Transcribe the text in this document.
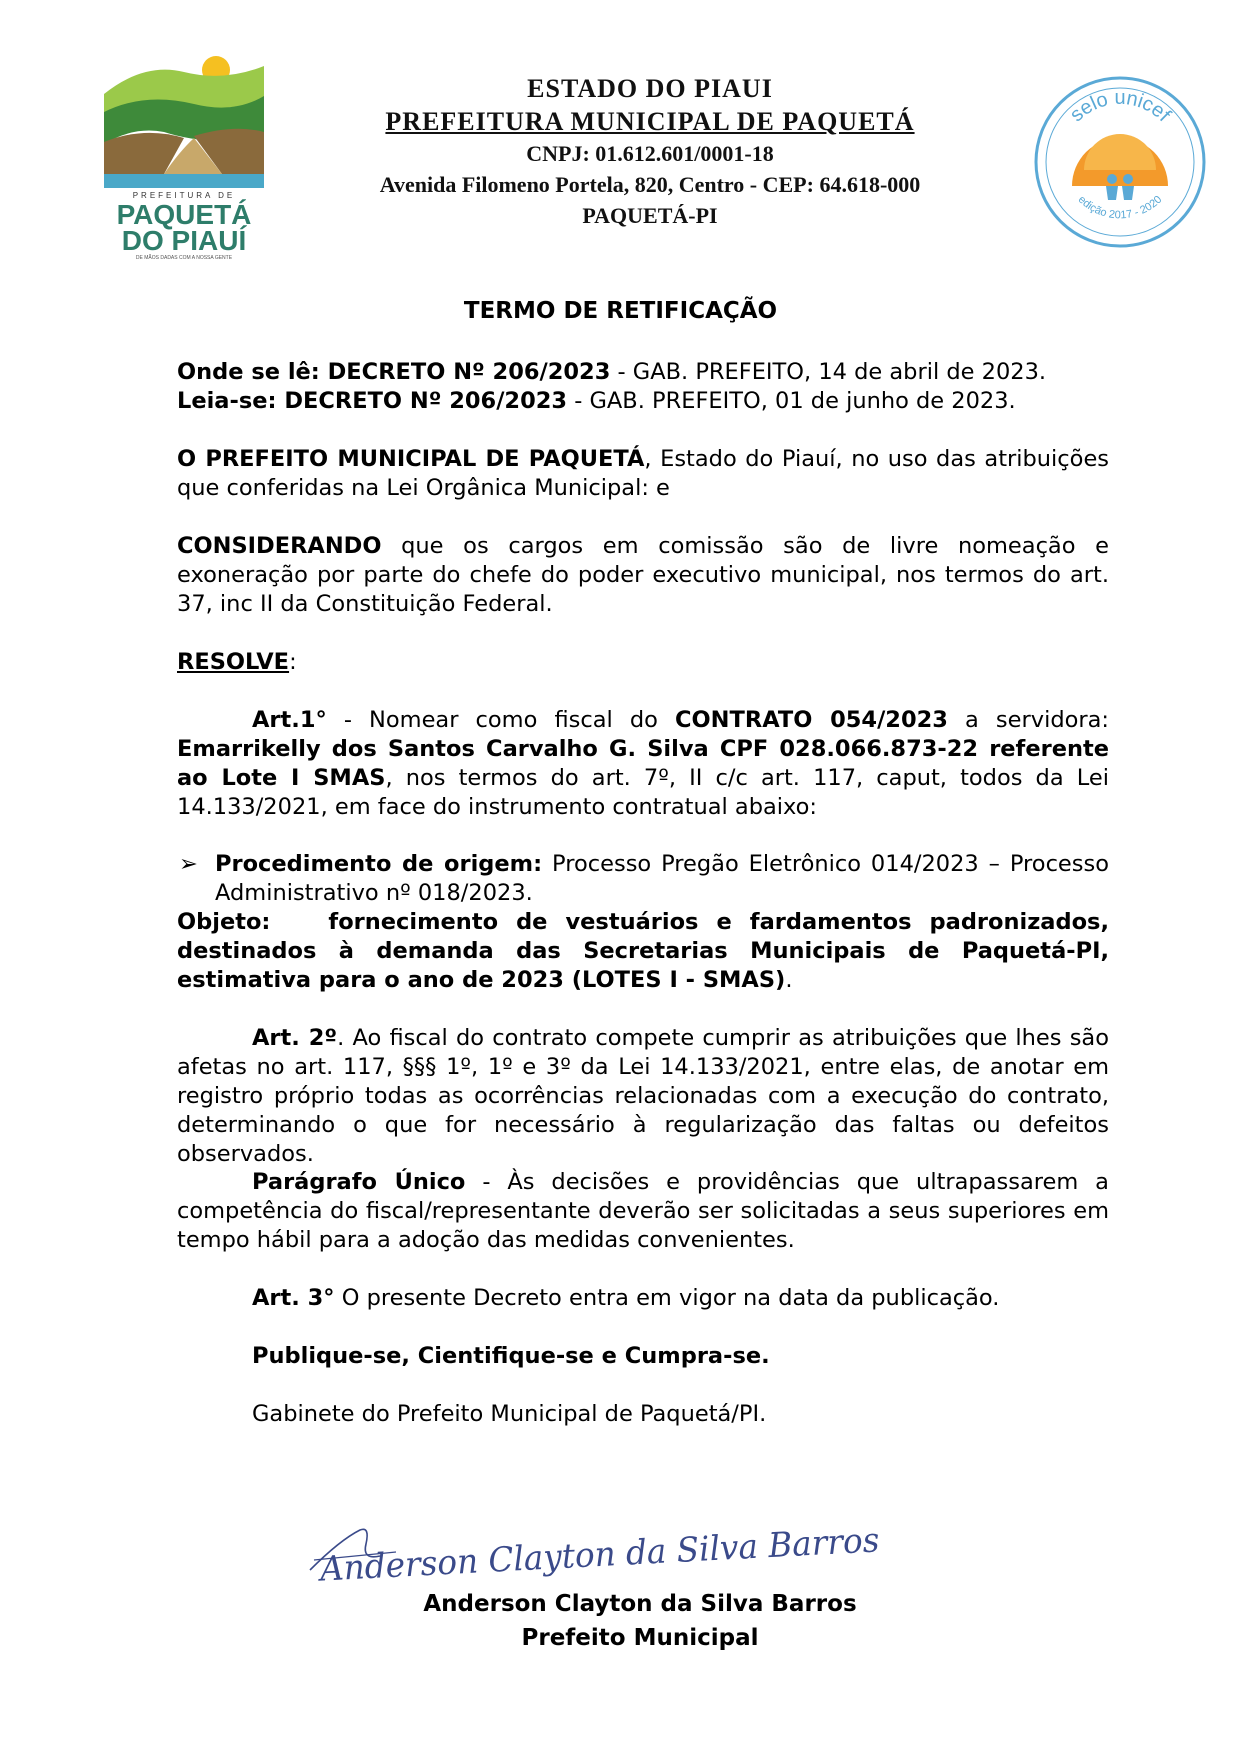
PREFEITURA DE
PAQUETÁ
DO PIAUÍ
DE MÃOS DADAS COM A NOSSA GENTE
ESTADO DO PIAUI
PREFEITURA MUNICIPAL DE PAQUETÁ
CNPJ: 01.612.601/0001-18
Avenida Filomeno Portela, 820, Centro - CEP: 64.618-000
PAQUETÁ-PI
selo unicef
edição 2017 - 2020
TERMO DE RETIFICAÇÃO

Onde se lê: DECRETO Nº 206/2023 - GAB. PREFEITO, 14 de abril de 2023.

Leia-se: DECRETO Nº 206/2023 - GAB. PREFEITO, 01 de junho de 2023.

O PREFEITO MUNICIPAL DE PAQUETÁ, Estado do Piauí, no uso das atribuições que conferidas na Lei Orgânica Municipal: e

CONSIDERANDO que os cargos em comissão são de livre nomeação e exoneração por parte do chefe do poder executivo municipal, nos termos do art. 37, inc II da Constituição Federal.

RESOLVE:

Art.1° - Nomear como fiscal do CONTRATO 054/2023 a servidora: Emarrikelly dos Santos Carvalho G. Silva CPF 028.066.873-22 referente ao Lote I SMAS, nos termos do art. 7º, II c/c art. 117, caput, todos da Lei 14.133/2021, em face do instrumento contratual abaixo:

➢ Procedimento de origem: Processo Pregão Eletrônico 014/2023 – Processo Administrativo nº 018/2023.

Objeto:	fornecimento de vestuários e fardamentos padronizados, destinados à demanda das Secretarias Municipais de Paquetá-PI, estimativa para o ano de 2023 (LOTES I - SMAS).

Art. 2º. Ao fiscal do contrato compete cumprir as atribuições que lhes são afetas no art. 117, §§§ 1º, 1º e 3º da Lei 14.133/2021, entre elas, de anotar em registro próprio todas as ocorrências relacionadas com a execução do contrato, determinando o que for necessário à regularização das faltas ou defeitos observados.

Parágrafo Único - Às decisões e providências que ultrapassarem a competência do fiscal/representante deverão ser solicitadas a seus superiores em tempo hábil para a adoção das medidas convenientes.

Art. 3° O presente Decreto entra em vigor na data da publicação.

Publique-se, Cientifique-se e Cumpra-se.

Gabinete do Prefeito Municipal de Paquetá/PI.

Anderson Clayton da Silva Barros
Anderson Clayton da Silva Barros
Prefeito Municipal
